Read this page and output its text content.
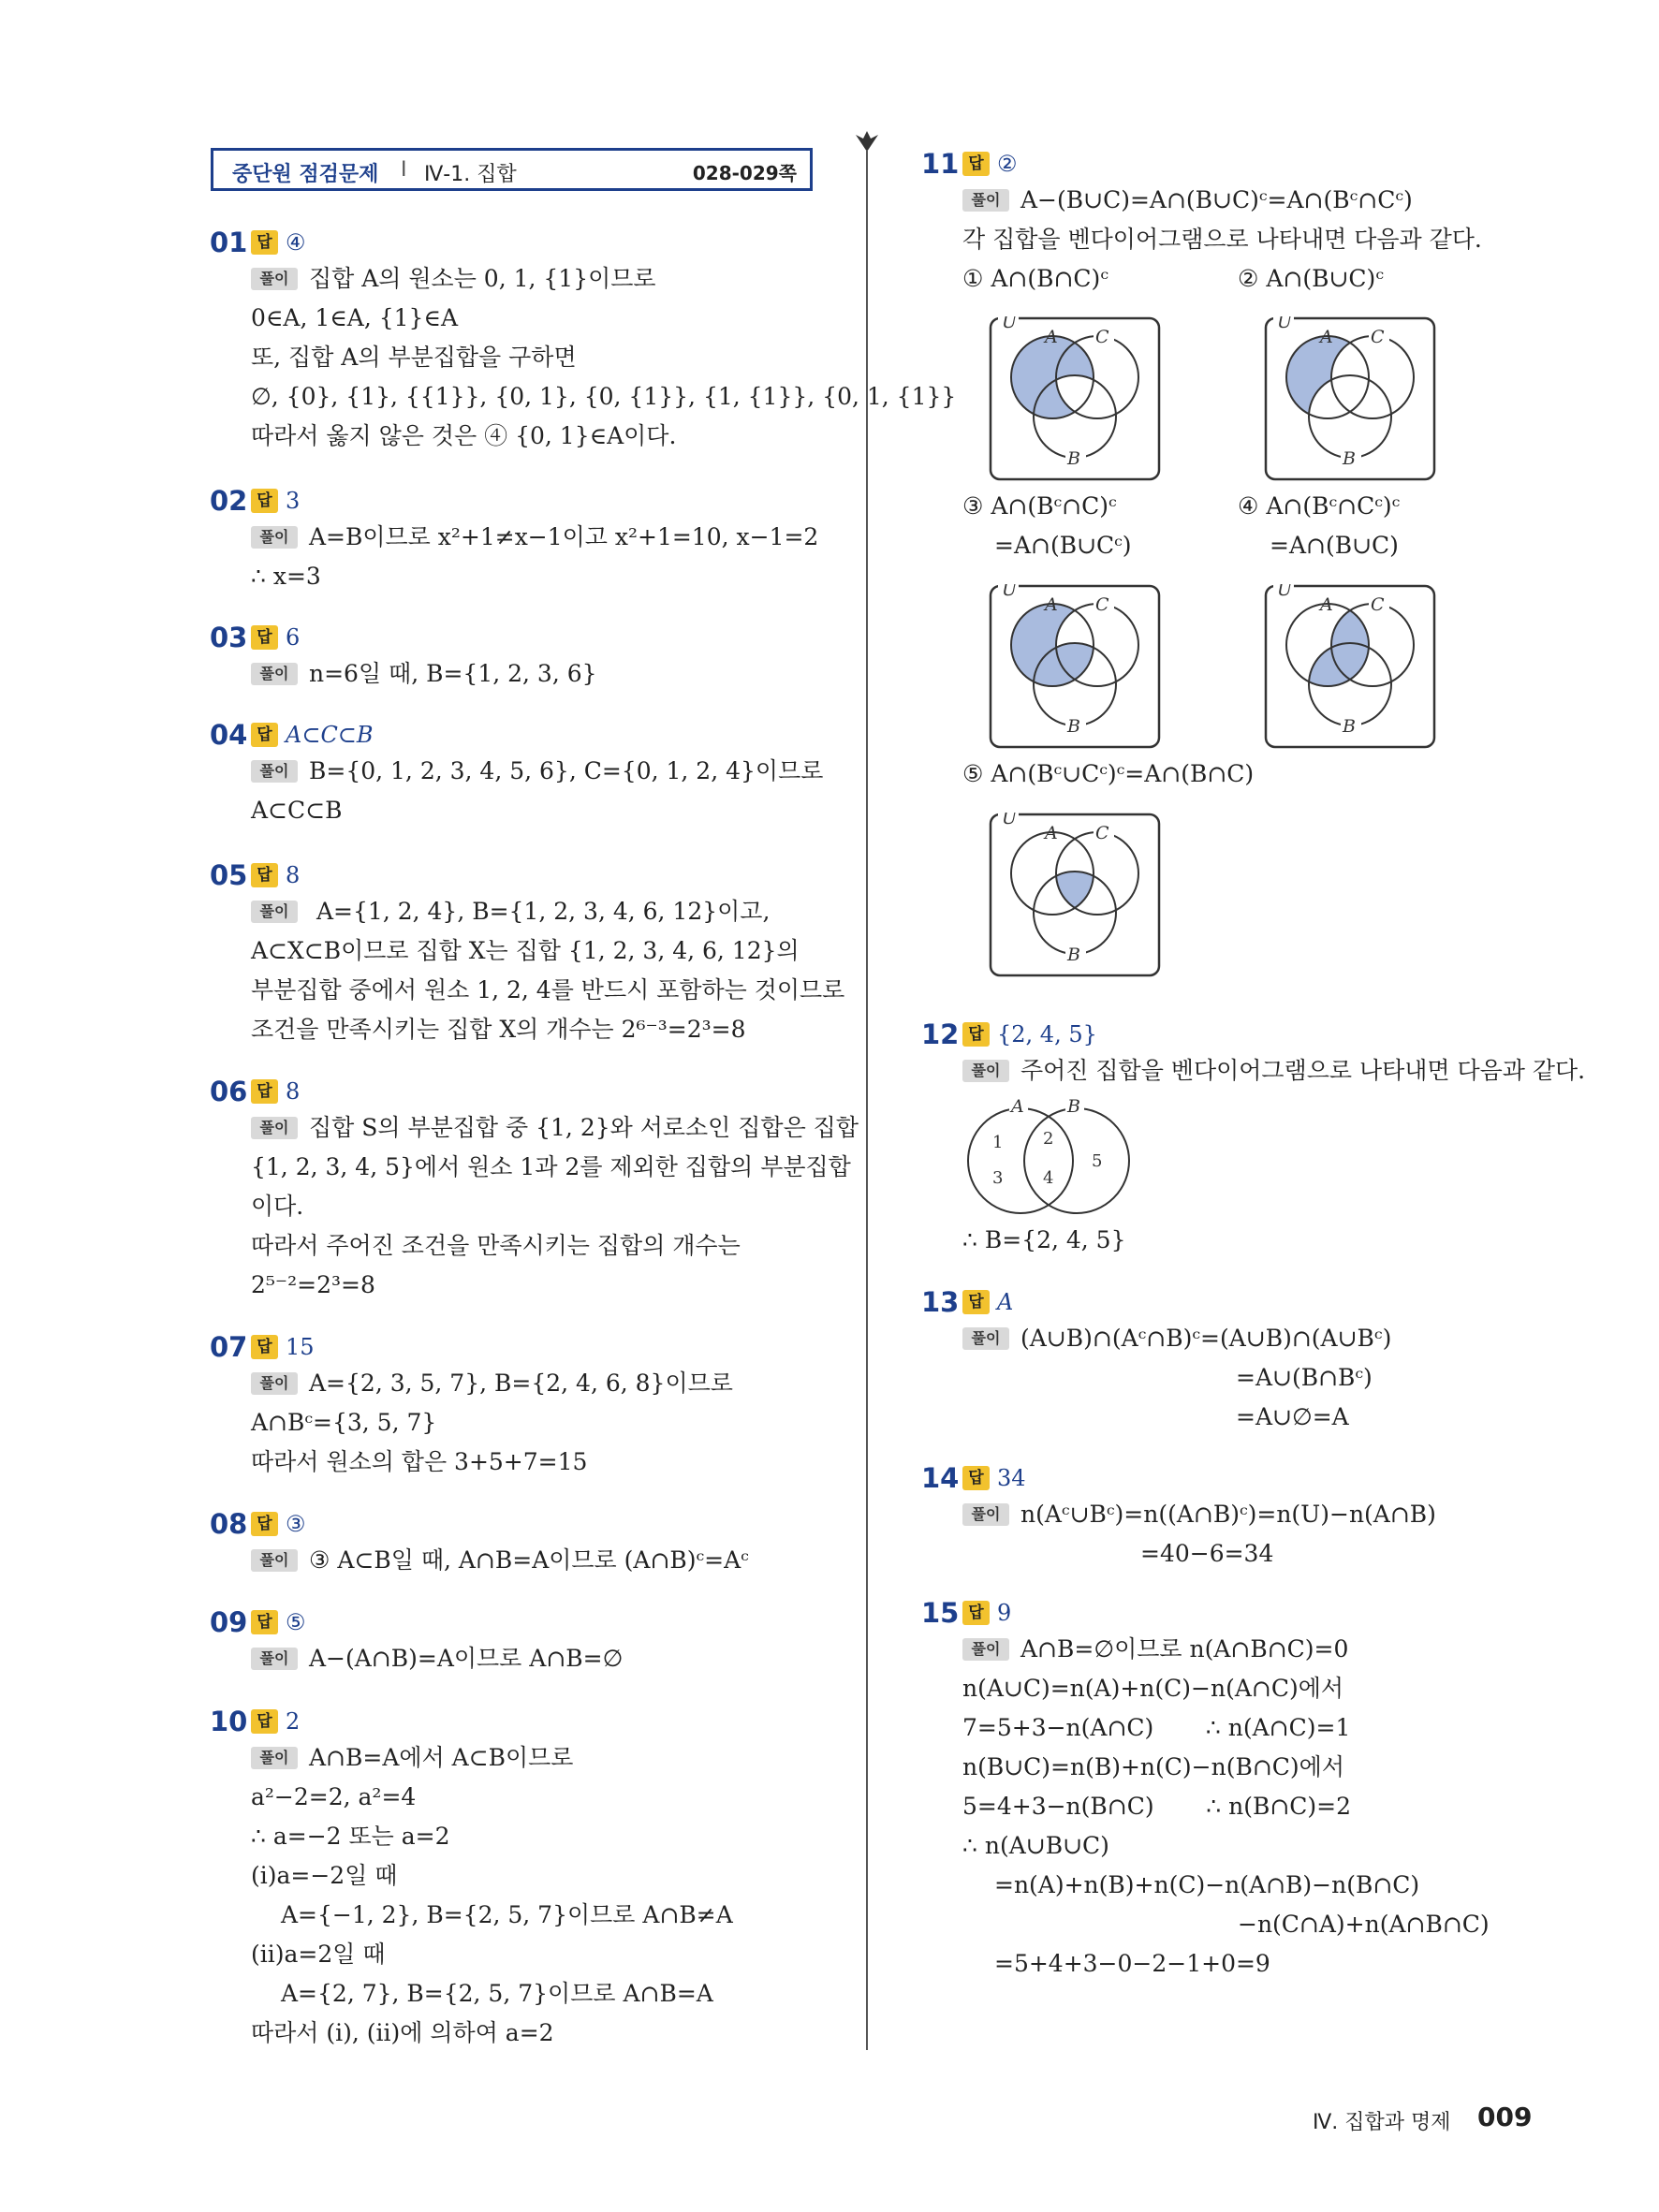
중단원 점검문제 I Ⅳ-1. 집합	028-029쪽
01 답 ④
풀이 집합 A의 원소는 0, 1, {1}이므로
0∈A, 1∈A, {1}∈A
또, 집합 A의 부분집합을 구하면
∅, {0}, {1}, {{1}}, {0, 1}, {0, {1}}, {1, {1}}, {0, 1, {1}}
따라서 옳지 않은 것은 ④ {0, 1}∈A이다.
02 답 3
풀이 A=B이므로 x²+1≠x−1이고 x²+1=10, x−1=2
∴ x=3
03 답 6
풀이 n=6일 때, B={1, 2, 3, 6}
04 답 A⊂C⊂B
풀이 B={0, 1, 2, 3, 4, 5, 6}, C={0, 1, 2, 4}이므로
A⊂C⊂B
05 답 8
풀이	A={1, 2, 4}, B={1, 2, 3, 4, 6, 12}이고,
A⊂X⊂B이므로 집합 X는 집합 {1, 2, 3, 4, 6, 12}의
부분집합 중에서 원소 1, 2, 4를 반드시 포함하는 것이므로
조건을 만족시키는 집합 X의 개수는 2⁶⁻³=2³=8
06 답 8
풀이 집합 S의 부분집합 중 {1, 2}와 서로소인 집합은 집합
{1, 2, 3, 4, 5}에서 원소 1과 2를 제외한 집합의 부분집합
이다.
따라서 주어진 조건을 만족시키는 집합의 개수는
2⁵⁻²=2³=8
07 답 15
풀이 A={2, 3, 5, 7}, B={2, 4, 6, 8}이므로
A∩Bᶜ={3, 5, 7}
따라서 원소의 합은 3+5+7=15
08 답 ③
풀이 ③ A⊂B일 때, A∩B=A이므로 (A∩B)ᶜ=Aᶜ
09 답 ⑤
풀이 A−(A∩B)=A이므로 A∩B=∅
10 답 2
풀이 A∩B=A에서 A⊂B이므로
a²−2=2, a²=4
∴ a=−2 또는 a=2
(ⅰ)a=−2일 때
A={−1, 2}, B={2, 5, 7}이므로 A∩B≠A
(ⅱ)a=2일 때
A={2, 7}, B={2, 5, 7}이므로 A∩B=A
따라서 (ⅰ), (ⅱ)에 의하여 a=2
11 답 ②
풀이 A−(B∪C)=A∩(B∪C)ᶜ=A∩(Bᶜ∩Cᶜ)
각 집합을 벤다이어그램으로 나타내면 다음과 같다.
① A∩(B∩C)ᶜ	② A∩(B∪C)ᶜ
U
A C
B
U
A C
B
③ A∩(Bᶜ∩C)ᶜ
=A∩(B∪Cᶜ)
④ A∩(Bᶜ∩Cᶜ)ᶜ
=A∩(B∪C)
U
A C
B
U
A C
B
⑤ A∩(Bᶜ∪Cᶜ)ᶜ=A∩(B∩C)
U
A C
B
12 답 {2, 4, 5}
풀이 주어진 집합을 벤다이어그램으로 나타내면 다음과 같다.
A B
1 2
3 4
5
∴ B={2, 4, 5}
13 답 A
풀이 (A∪B)∩(Aᶜ∩B)ᶜ=(A∪B)∩(A∪Bᶜ)
=A∪(B∩Bᶜ)
=A∪∅=A
14 답 34
풀이 n(Aᶜ∪Bᶜ)=n((A∩B)ᶜ)=n(U)−n(A∩B)
=40−6=34
15 답 9
풀이 A∩B=∅이므로 n(A∩B∩C)=0
n(A∪C)=n(A)+n(C)−n(A∩C)에서
7=5+3−n(A∩C)       ∴ n(A∩C)=1
n(B∪C)=n(B)+n(C)−n(B∩C)에서
5=4+3−n(B∩C)       ∴ n(B∩C)=2
∴ n(A∪B∪C)
=n(A)+n(B)+n(C)−n(A∩B)−n(B∩C)
−n(C∩A)+n(A∩B∩C)
=5+4+3−0−2−1+0=9
Ⅳ. 집합과 명제 009
